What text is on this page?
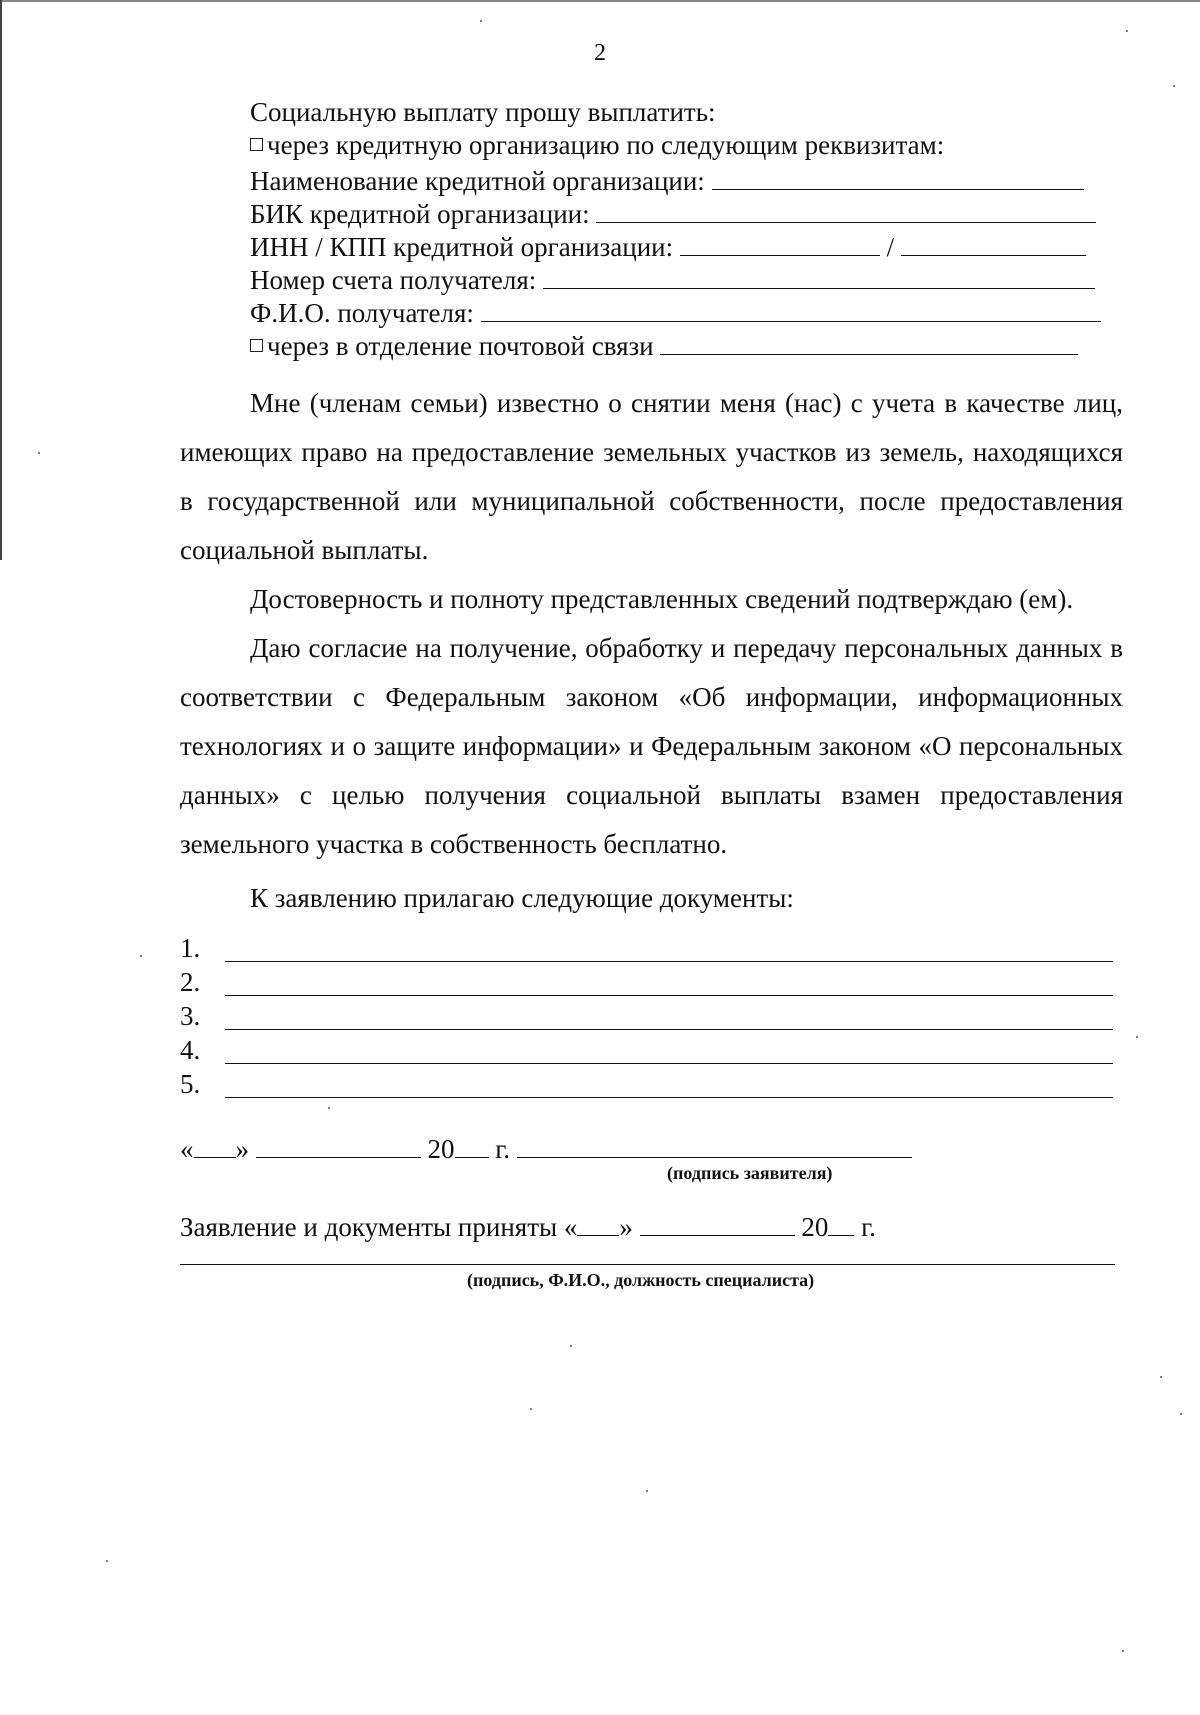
2
Социальную выплату прошу выплатить:
через кредитную организацию по следующим реквизитам:
Наименование кредитной организации:
БИК кредитной организации:
ИНН / КПП кредитной организации:	/
Номер счета получателя:
Ф.И.О. получателя:
через в отделение почтовой связи

Мне (членам семьи) известно о снятии меня (нас) с учета в качестве лиц, имеющих право на предоставление земельных участков из земель, находящихся в государственной или муниципальной собственности, после предоставления социальной выплаты.

Достоверность и полноту представленных сведений подтверждаю (ем).

Даю согласие на получение, обработку и передачу персональных данных в соответствии с Федеральным законом «Об информации, информационных технологиях и о защите информации» и Федеральным законом «О персональных данных» с целью получения социальной выплаты взамен предоставления земельного участка в собственность бесплатно.

К заявлению прилагаю следующие документы:
1.
2.
3.
4.
5.
« »	20 г.
(подпись заявителя)
Заявление и документы приняты « »	20 г.
(подпись, Ф.И.О., должность специалиста)
